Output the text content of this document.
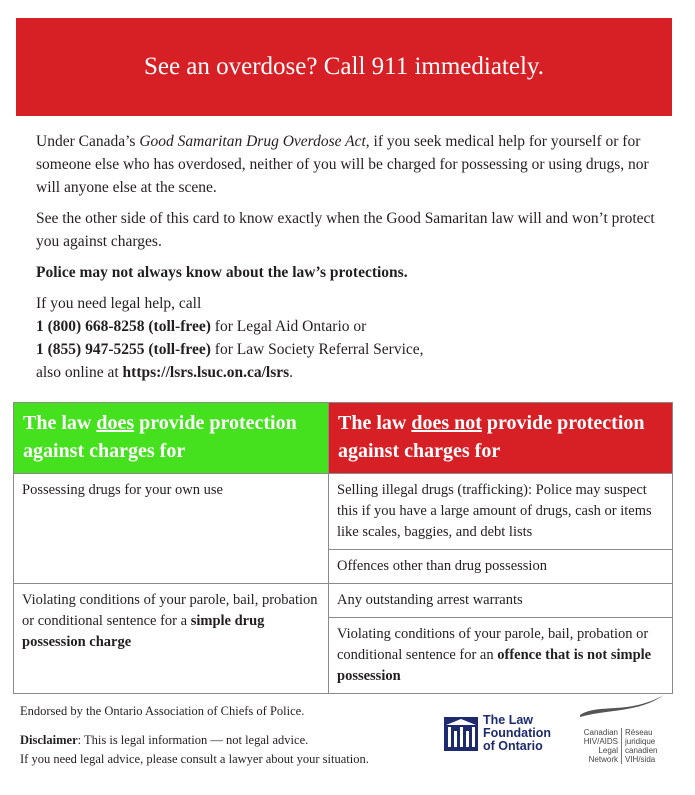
See an overdose? Call 911 immediately.

Under Canada’s Good Samaritan Drug Overdose Act, if you seek medical help for yourself or for someone else who has overdosed, neither of you will be charged for possessing or using drugs, nor will anyone else at the scene.

See the other side of this card to know exactly when the Good Samaritan law will and won’t protect you against charges.

Police may not always know about the law’s protections.

If you need legal help, call

1 (800) 668-8258 (toll-free) for Legal Aid Ontario or

1 (855) 947-5255 (toll-free) for Law Society Referral Service,

also online at https://lsrs.lsuc.on.ca/lsrs.

The law does provide protection against charges for	The law does not provide protection against charges for
Possessing drugs for your own use	Selling illegal drugs (trafficking): Police may suspect this if you have a large amount of drugs, cash or items like scales, baggies, and debt lists
	Offences other than drug possession
Violating conditions of your parole, bail, probation or conditional sentence for a simple drug possession charge	Any outstanding arrest warrants
	Violating conditions of your parole, bail, probation or conditional sentence for an offence that is not simple possession

Endorsed by the Ontario Association of Chiefs of Police.

Disclaimer: This is legal information — not legal advice.

If you need legal advice, please consult a lawyer about your situation.

The Law
Foundation
of Ontario
Canadian
HIV/AIDS
Legal
Network
Réseau
juridique
canadien
VIH/sida
